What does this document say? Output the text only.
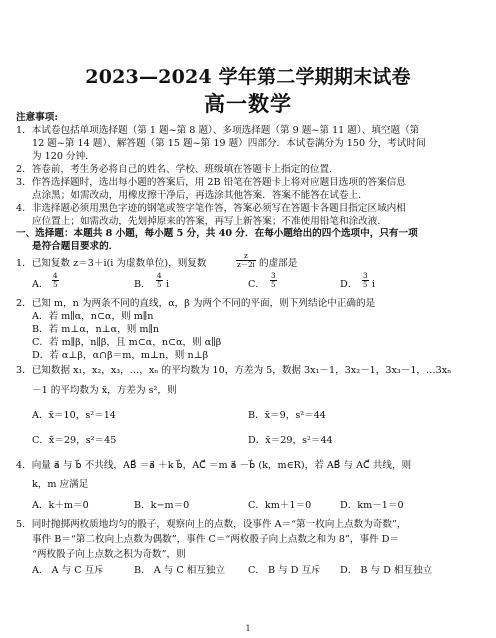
2023—2024 学年第二学期期末试卷
高一数学
注意事项:
1．本试卷包括单项选择题（第 1 题~第 8 题）、多项选择题（第 9 题~第 11 题）、填空题（第
12 题~第 14 题）、解答题（第 15 题~第 19 题）四部分．本试卷满分为 150 分，考试时间
为 120 分钟．
2．答卷前，考生务必将自己的姓名、学校、班级填在答题卡上指定的位置．
3．作答选择题时，选出每小题的答案后，用 2B 铅笔在答题卡上将对应题目选项的答案信息
点涂黑；如需改动，用橡皮擦干净后，再选涂其他答案．答案不能答在试卷上．
4．非选择题必须用黑色字迹的钢笔或签字笔作答，答案必须写在答题卡各题目指定区域内相
应位置上；如需改动，先划掉原来的答案，再写上新答案；不准使用铅笔和涂改液．
一、选择题：本题共 8 小题，每小题 5 分，共 40 分．在每小题给出的四个选项中，只有一项
是符合题目要求的．
1．已知复数 z＝3＋i(i 为虚数单位)，则复数	$\frac{z}{z-2i}$ 的虚部是
A． $\frac{4}{5}$	B． $\frac{4}{5}$ i	C． $\frac{3}{5}$	D． $\frac{3}{5}$ i
2．已知 m，n 为两条不同的直线，α，β 为两个不同的平面，则下列结论中正确的是
A．若 m∥α，n⊂α，则 m∥n
B．若 m⊥α，n⊥α，则 m∥n
C．若 m∥β，n∥β，且 m⊂α，n⊂α，则 α∥β
D．若 α⊥β，α∩β＝m，m⊥n，则 n⊥β
3．已知数据 x₁，x₂，x₃，…，xₙ 的平均数为 10，方差为 5，数据 3x₁－1，3x₂－1，3x₃－1，…3xₙ
－1 的平均数为 x̄，方差为 s²，则
A．x̄＝10，s²＝14	B．x̄＝9，s²＝44
C．x̄＝29，s²＝45	D．x̄＝29，s²＝44
4．向量 a⃗ 与 b⃗ 不共线，AB⃗ ＝a⃗ ＋k b⃗，AC⃗ ＝m a⃗ －b⃗ (k，m∈R)，若 AB⃗ 与 AC⃗ 共线，则
k，m 应满足
A．k＋m＝0	B．k−m＝0	C．km＋1＝0	D．km－1＝0
5．同时抛掷两枚质地均匀的骰子，观察向上的点数，设事件 A＝“第一枚向上点数为奇数”，
事件 B＝“第二枚向上点数为偶数”，事件 C＝“两枚骰子向上点数之和为 8”，事件 D＝
“两枚骰子向上点数之积为奇数”，则
A． A 与 C 互斥	B． A 与 C 相互独立 C． B 与 D 互斥 D． B 与 D 相互独立
1
